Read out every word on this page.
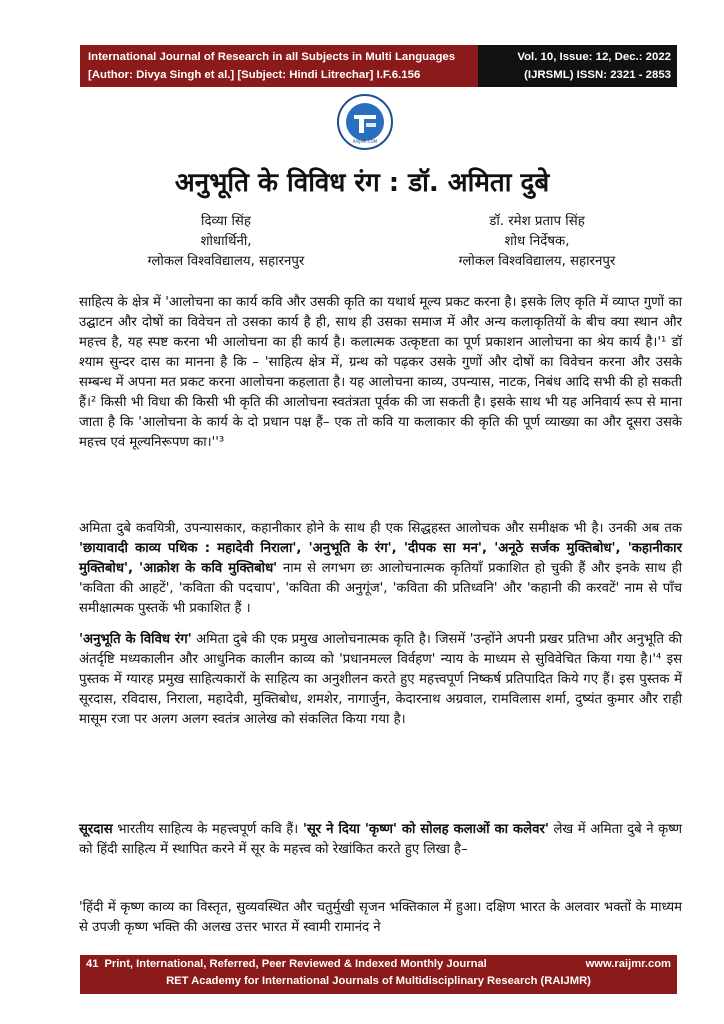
International Journal of Research in all Subjects in Multi Languages
[Author: Divya Singh et al.] [Subject: Hindi Litrechar] I.F.6.156
Vol. 10, Issue: 12, Dec.: 2022
(IJRSML) ISSN: 2321 - 2853
RAIJMR.COM
अनुभूति के विविध रंग : डॉ. अमिता दुबे
दिव्या सिंह
शोधार्थिनी,
ग्लोकल विश्वविद्यालय, सहारनपुर
डॉ. रमेश प्रताप सिंह
शोध निर्देषक,
ग्लोकल विश्वविद्यालय, सहारनपुर
साहित्य के क्षेत्र में 'आलोचना का कार्य कवि और उसकी कृति का यथार्थ मूल्य प्रकट करना है। इसके लिए कृति में व्याप्त गुणों का उद्घाटन और दोषों का विवेचन तो उसका कार्य है ही, साथ ही उसका समाज में और अन्य कलाकृतियों के बीच क्या स्थान और महत्त्व है, यह स्पष्ट करना भी आलोचना का ही कार्य है। कलात्मक उत्कृष्टता का पूर्ण प्रकाशन आलोचना का श्रेय कार्य है।'¹ डॉ श्याम सुन्दर दास का मानना है कि – 'साहित्य क्षेत्र में, ग्रन्थ को पढ़कर उसके गुणों और दोषों का विवेचन करना और उसके सम्बन्ध में अपना मत प्रकट करना आलोचना कहलाता है। यह आलोचना काव्य, उपन्यास, नाटक, निबंध आदि सभी की हो सकती हैं।² किसी भी विधा की किसी भी कृति की आलोचना स्वतंत्रता पूर्वक की जा सकती है। इसके साथ भी यह अनिवार्य रूप से माना जाता है कि 'आलोचना के कार्य के दो प्रधान पक्ष हैं– एक तो कवि या कलाकार की कृति की पूर्ण व्याख्या का और दूसरा उसके महत्त्व एवं मूल्यनिरूपण का।''³
अमिता दुबे कवयित्री, उपन्यासकार, कहानीकार होने के साथ ही एक सिद्धहस्त आलोचक और समीक्षक भी है। उनकी अब तक 'छायावादी काव्य पथिक : महादेवी निराला', 'अनुभूति के रंग', 'दीपक सा मन', 'अनूठे सर्जक मुक्तिबोध', 'कहानीकार मुक्तिबोध', 'आक्रोश के कवि मुक्तिबोध' नाम से लगभग छः आलोचनात्मक कृतियाँ प्रकाशित हो चुकी हैं और इनके साथ ही 'कविता की आहटें', 'कविता की पदचाप', 'कविता की अनुगूंज', 'कविता की प्रतिध्वनि' और 'कहानी की करवटें' नाम से पाँच समीक्षात्मक पुस्तकें भी प्रकाशित हैं ।
'अनुभूति के विविध रंग' अमिता दुबे की एक प्रमुख आलोचनात्मक कृति है। जिसमें 'उन्होंने अपनी प्रखर प्रतिभा और अनुभूति की अंतर्दृष्टि मध्यकालीन और आधुनिक कालीन काव्य को 'प्रधानमल्ल विर्वहण' न्याय के माध्यम से सुविवेचित किया गया है।'⁴ इस पुस्तक में ग्यारह प्रमुख साहित्यकारों के साहित्य का अनुशीलन करते हुए महत्त्वपूर्ण निष्कर्ष प्रतिपादित किये गए हैं। इस पुस्तक में सूरदास, रविदास, निराला, महादेवी, मुक्तिबोध, शमशेर, नागार्जुन, केदारनाथ अग्रवाल, रामविलास शर्मा, दुष्यंत कुमार और राही मासूम रजा पर अलग अलग स्वतंत्र आलेख को संकलित किया गया है।
सूरदास भारतीय साहित्य के महत्त्वपूर्ण कवि हैं। 'सूर ने दिया 'कृष्ण' को सोलह कलाओं का कलेवर' लेख में अमिता दुबे ने कृष्ण को हिंदी साहित्य में स्थापित करने में सूर के महत्त्व को रेखांकित करते हुए लिखा है–
'हिंदी में कृष्ण काव्य का विस्तृत, सुव्यवस्थित और चतुर्मुखी सृजन भक्तिकाल में हुआ। दक्षिण भारत के अलवार भक्तों के माध्यम से उपजी कृष्ण भक्ति की अलख उत्तर भारत में स्वामी रामानंद ने
41 Print, International, Referred, Peer Reviewed & Indexed Monthly Journal	www.raijmr.com
RET Academy for International Journals of Multidisciplinary Research (RAIJMR)
